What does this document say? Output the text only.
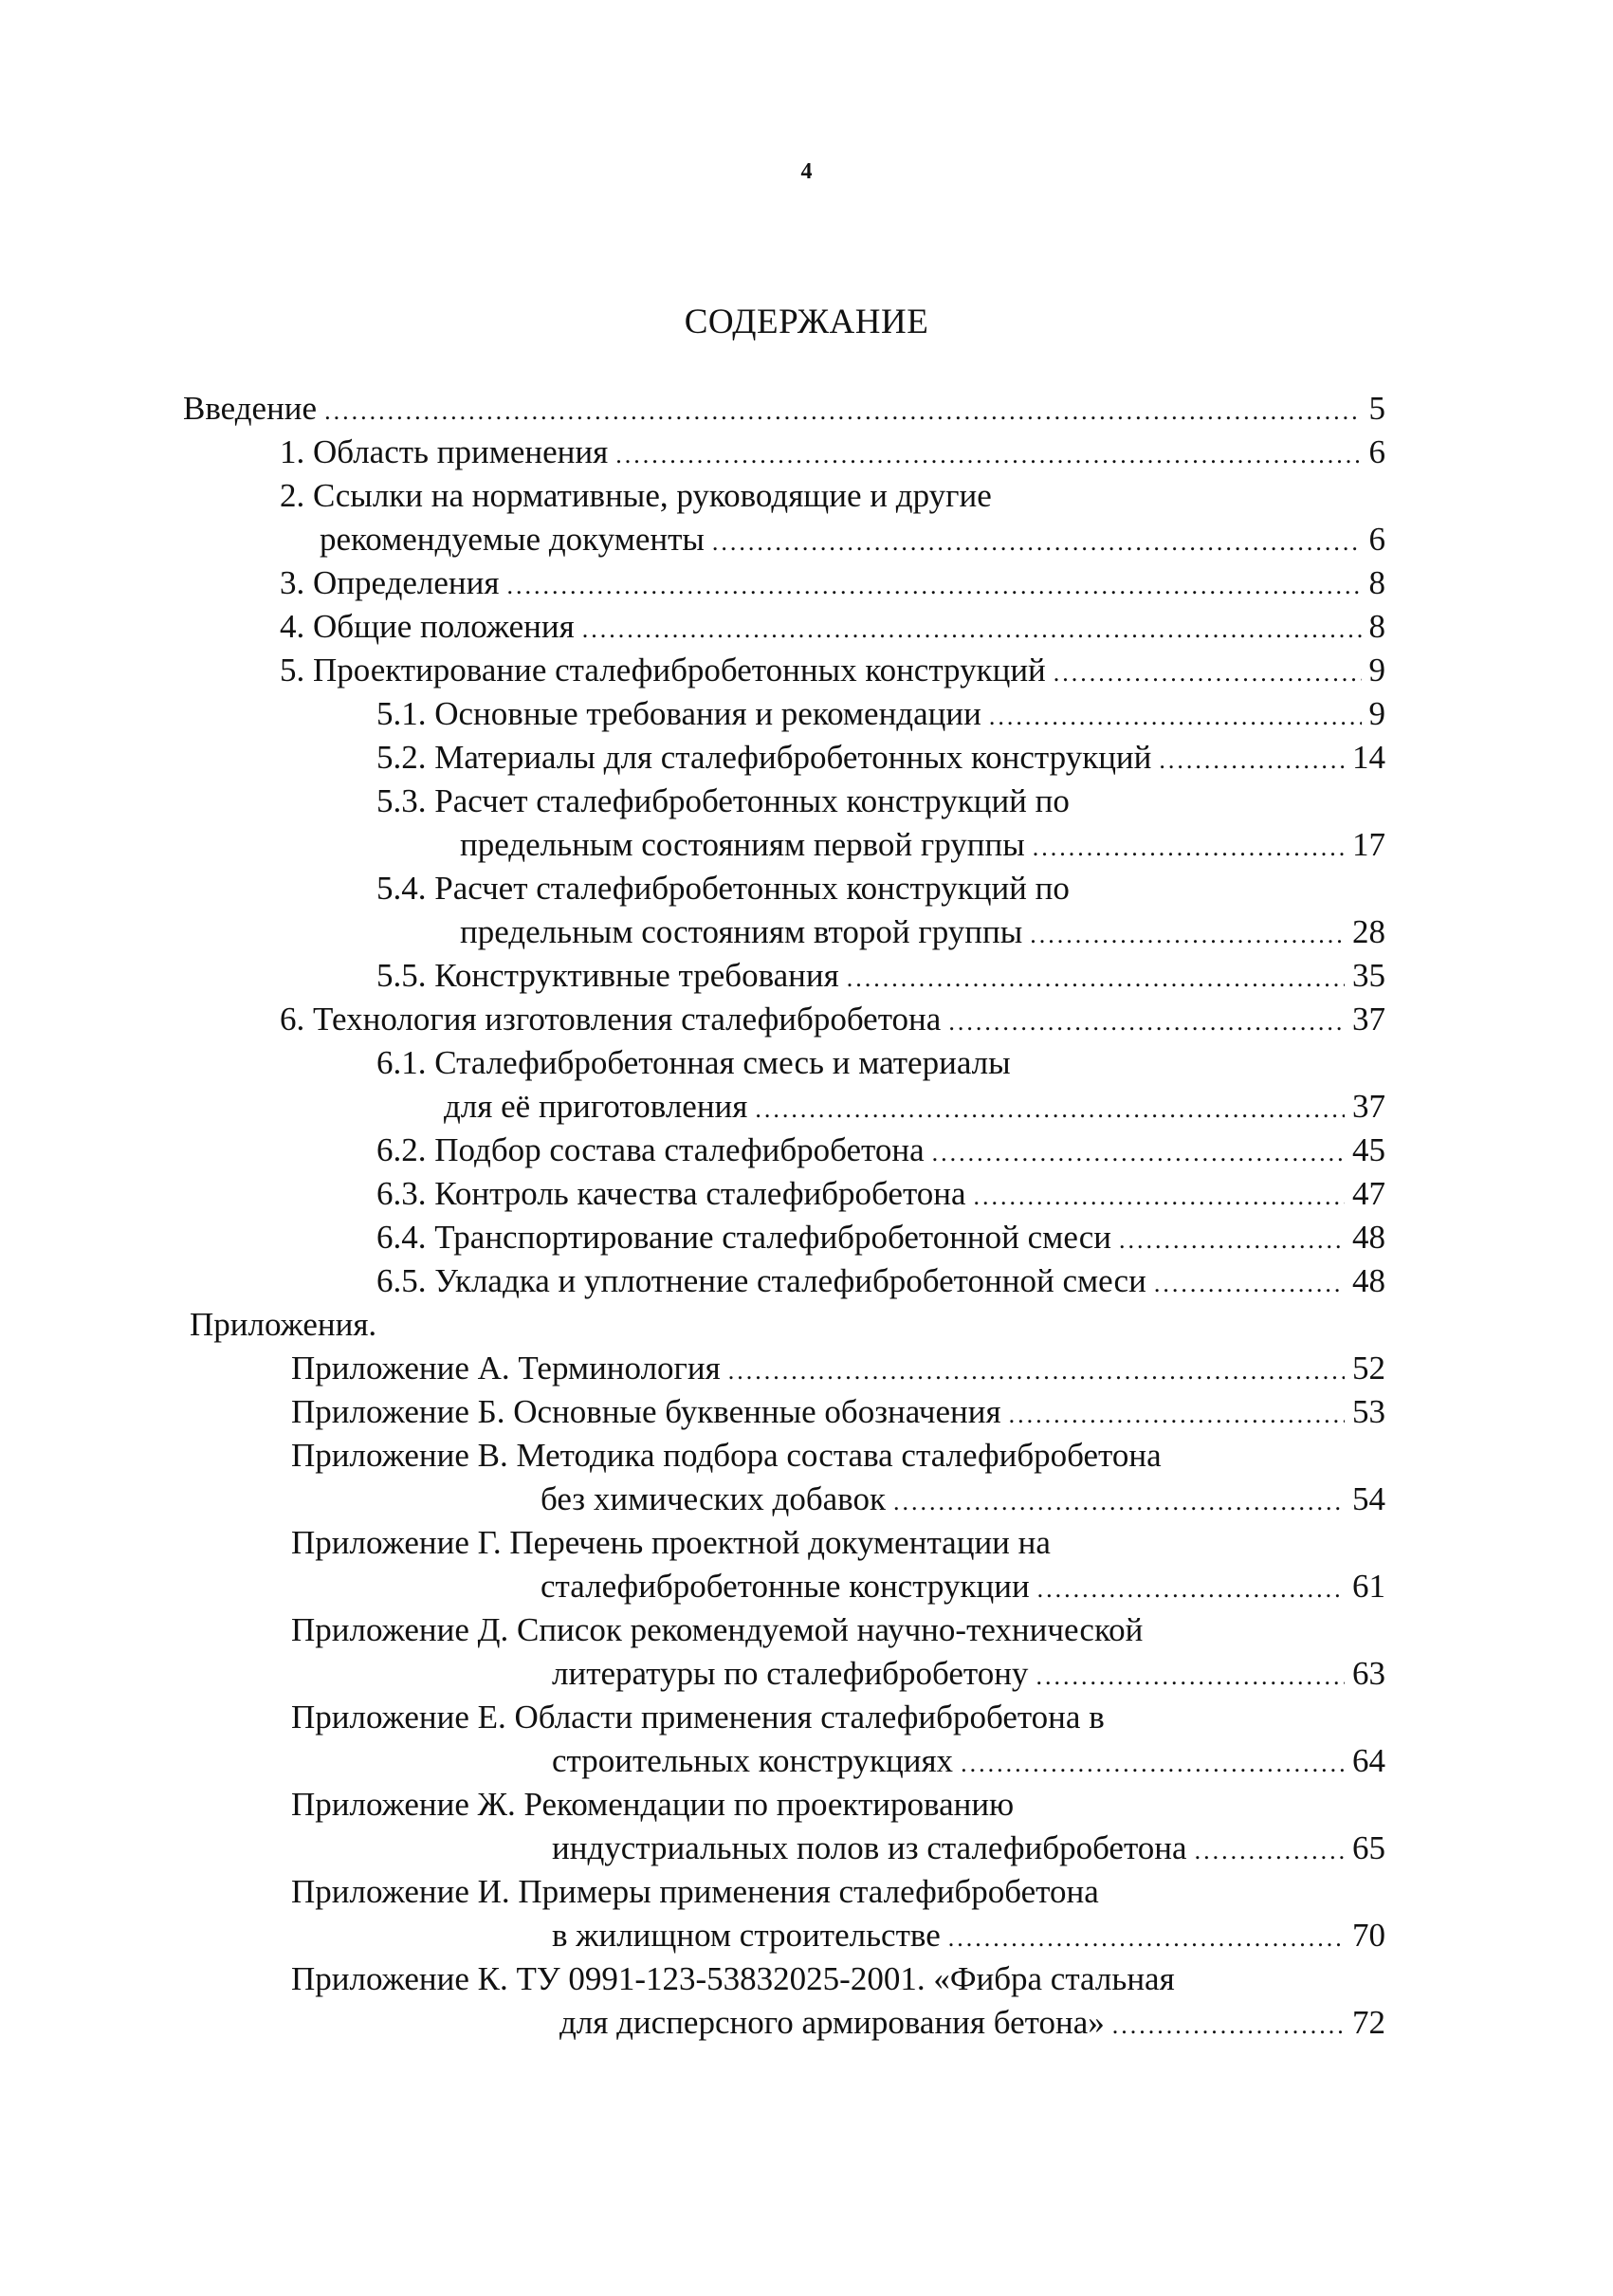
4
СОДЕРЖАНИЕ
Введение .....	5
1. Область применения .....	6
2. Ссылки на нормативные, руководящие и другие
рекомендуемые документы .....	6
3. Определения .....	8
4. Общие положения .....	8
5. Проектирование сталефибробетонных конструкций .....	9
5.1. Основные требования и рекомендации .....	9
5.2. Материалы для сталефибробетонных конструкций .....	14
5.3. Расчет сталефибробетонных конструкций по
предельным состояниям первой группы .....	17
5.4. Расчет сталефибробетонных конструкций по
предельным состояниям второй группы .....	28
5.5. Конструктивные требования .....	35
6. Технология изготовления сталефибробетона .....	37
6.1. Сталефибробетонная смесь и материалы
для её приготовления .....	37
6.2. Подбор состава сталефибробетона .....	45
6.3. Контроль качества сталефибробетона .....	47
6.4. Транспортирование сталефибробетонной смеси .....	48
6.5. Укладка и уплотнение сталефибробетонной смеси .....	48
Приложения.
Приложение А. Терминология .....	52
Приложение Б. Основные буквенные обозначения .....	53
Приложение В. Методика подбора состава сталефибробетона
без химических добавок .....	54
Приложение Г. Перечень проектной документации на
сталефибробетонные конструкции .....	61
Приложение Д. Список рекомендуемой научно-технической
литературы по сталефибробетону .....	63
Приложение Е. Области применения сталефибробетона в
строительных конструкциях .....	64
Приложение Ж. Рекомендации по проектированию
индустриальных полов из сталефибробетона .....	65
Приложение И. Примеры применения сталефибробетона
в жилищном строительстве .....	70
Приложение К. ТУ 0991-123-53832025-2001. «Фибра стальная
для дисперсного армирования бетона» .....	72
